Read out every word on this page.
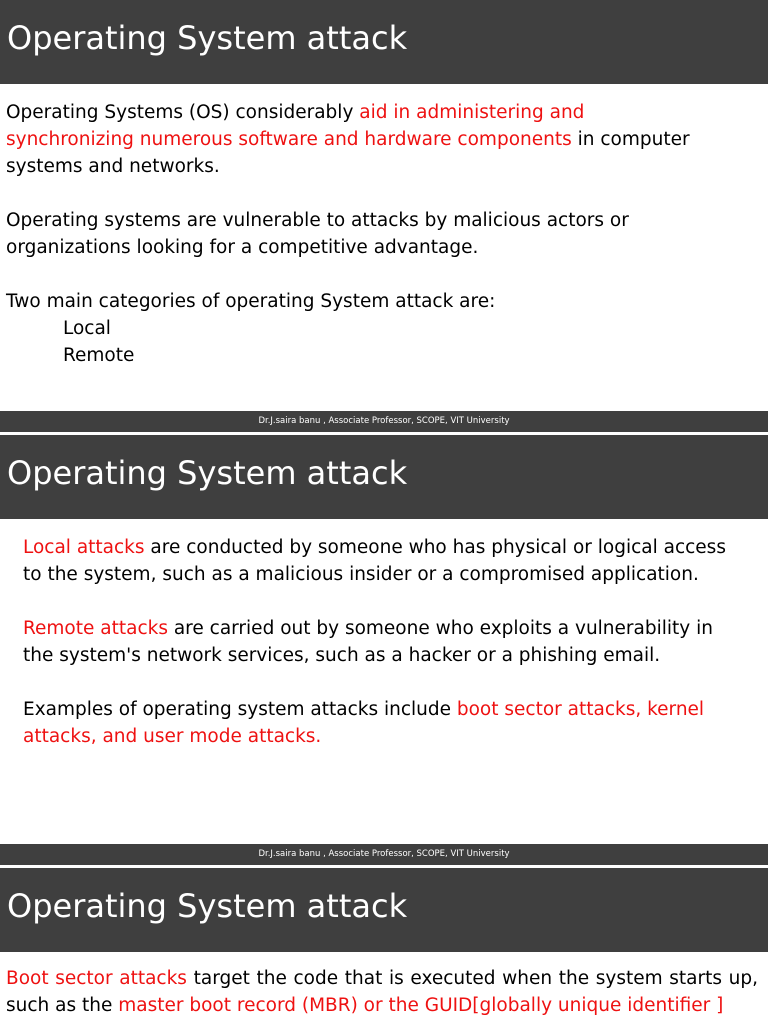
Operating System attack

Operating Systems (OS) considerably aid in administering and synchronizing numerous software and hardware components in computer systems and networks.

Operating systems are vulnerable to attacks by malicious actors or organizations looking for a competitive advantage.

Two main categories of operating System attack are:
Local
Remote

Dr.J.saira banu , Associate Professor, SCOPE, VIT University
Operating System attack

Local attacks are conducted by someone who has physical or logical access to the system, such as a malicious insider or a compromised application.

Remote attacks are carried out by someone who exploits a vulnerability in the system's network services, such as a hacker or a phishing email.

Examples of operating system attacks include boot sector attacks, kernel attacks, and user mode attacks.

Dr.J.saira banu , Associate Professor, SCOPE, VIT University
Operating System attack

Boot sector attacks target the code that is executed when the system starts up, such as the master boot record (MBR) or the GUID[globally unique identifier ]
